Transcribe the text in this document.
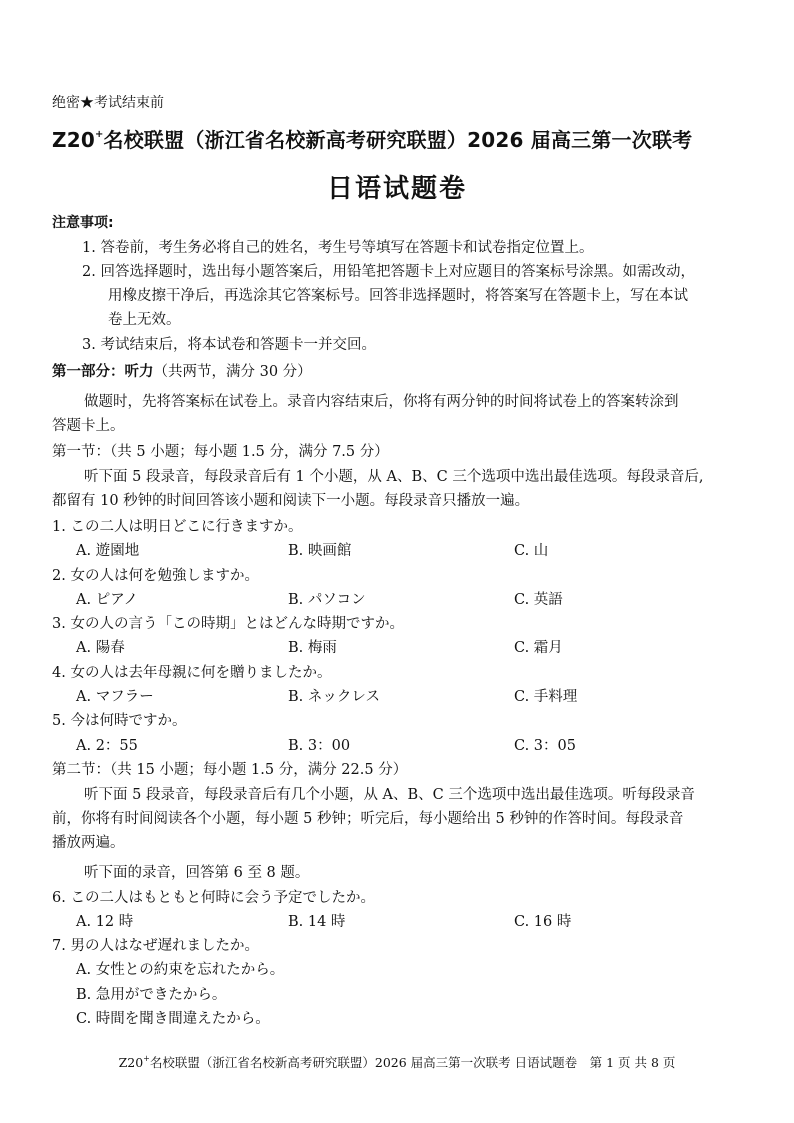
绝密★考试结束前
Z20+名校联盟（浙江省名校新高考研究联盟）2026 届高三第一次联考
日语试题卷
注意事项:
1. 答卷前，考生务必将自己的姓名，考生号等填写在答题卡和试卷指定位置上。
2. 回答选择题时，选出每小题答案后，用铅笔把答题卡上对应题目的答案标号涂黑。如需改动，
用橡皮擦干净后，再选涂其它答案标号。回答非选择题时，将答案写在答题卡上，写在本试
卷上无效。
3. 考试结束后，将本试卷和答题卡一并交回。
第一部分：听力（共两节，满分 30 分）
做题时，先将答案标在试卷上。录音内容结束后，你将有两分钟的时间将试卷上的答案转涂到
答题卡上。
第一节：（共 5 小题；每小题 1.5 分，满分 7.5 分）
听下面 5 段录音，每段录音后有 1 个小题，从 A、B、C 三个选项中选出最佳选项。每段录音后,
都留有 10 秒钟的时间回答该小题和阅读下一小题。每段录音只播放一遍。
1. この二人は明日どこに行きますか。
A. 遊園地	B. 映画館	C. 山
2. 女の人は何を勉強しますか。
A. ピアノ	B. パソコン	C. 英語
3. 女の人の言う「この時期」とはどんな時期ですか。
A. 陽春	B. 梅雨	C. 霜月
4. 女の人は去年母親に何を贈りましたか。
A. マフラー	B. ネックレス	C. 手料理
5. 今は何時ですか。
A. 2：55	B. 3：00	C. 3：05
第二节：（共 15 小题；每小题 1.5 分，满分 22.5 分）
听下面 5 段录音，每段录音后有几个小题，从 A、B、C 三个选项中选出最佳选项。听每段录音
前，你将有时间阅读各个小题，每小题 5 秒钟；听完后，每小题给出 5 秒钟的作答时间。每段录音
播放两遍。
听下面的录音，回答第 6 至 8 题。
6. この二人はもともと何時に会う予定でしたか。
A. 12 時	B. 14 時	C. 16 時
7. 男の人はなぜ遅れましたか。
A. 女性との約束を忘れたから。
B. 急用ができたから。
C. 時間を聞き間違えたから。
Z20+名校联盟（浙江省名校新高考研究联盟）2026 届高三第一次联考 日语试题卷　第 1 页 共 8 页
